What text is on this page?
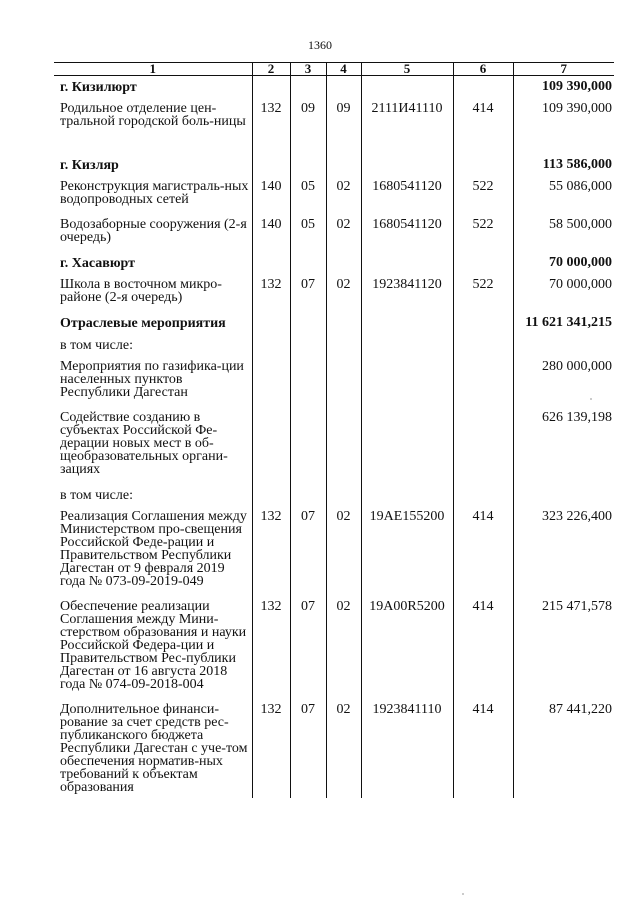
1360
1	2	3	4	5	6	7
г. Кизилюрт						109 390,000
Родильное отделение цен-тральной городской боль-ницы	132	09	09	2111И41110	414	109 390,000
г. Кизляр						113 586,000
Реконструкция магистраль-ных водопроводных сетей	140	05	02	1680541120	522	55 086,000
Водозаборные сооружения (2-я очередь)	140	05	02	1680541120	522	58 500,000
г. Хасавюрт						70 000,000
Школа в восточном микро-районе (2-я очередь)	132	07	02	1923841120	522	70 000,000
Отраслевые мероприятия						11 621 341,215
в том числе:						
Мероприятия по газифика-ции населенных пунктов Республики Дагестан						280 000,000
Содействие созданию в субъектах Российской Фе-дерации новых мест в об-щеобразовательных органи-зациях						626 139,198
в том числе:						
Реализация Соглашения между Министерством про-свещения Российской Феде-рации и Правительством Республики Дагестан от 9 февраля 2019 года № 073-09-2019-049	132	07	02	19AE155200	414	323 226,400
Обеспечение реализации Соглашения между Мини-стерством образования и науки Российской Федера-ции и Правительством Рес-публики Дагестан от 16 августа 2018 года № 074-09-2018-004	132	07	02	19A00R5200	414	215 471,578
Дополнительное финанси-рование за счет средств рес-публиканского бюджета Республики Дагестан с уче-том обеспечения норматив-ных требований к объектам образования	132	07	02	1923841110	414	87 441,220
